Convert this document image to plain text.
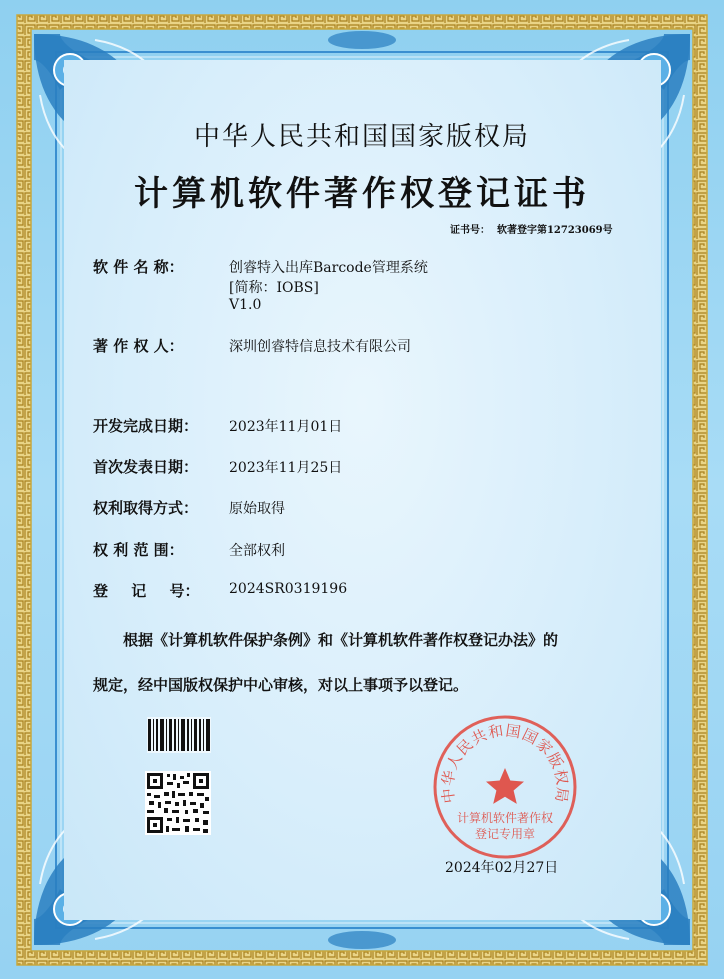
中华人民共和国国家版权局
计算机软件著作权登记证书
证书号： 软著登字第12723069号
软 件 名 称：	创睿特入出库Barcode管理系统
[简称：IOBS]
V1.0
著 作 权 人：	深圳创睿特信息技术有限公司
开发完成日期： 2023年11月01日
首次发表日期： 2023年11月25日
权利取得方式： 原始取得
权 利 范 围：	全部权利
登 记 号： 2024SR0319196
根据《计算机软件保护条例》和《计算机软件著作权登记办法》的
规定，经中国版权保护中心审核，对以上事项予以登记。
中华人民共和国国家版权局
计算机软件著作权
登记专用章
2024年02月27日
